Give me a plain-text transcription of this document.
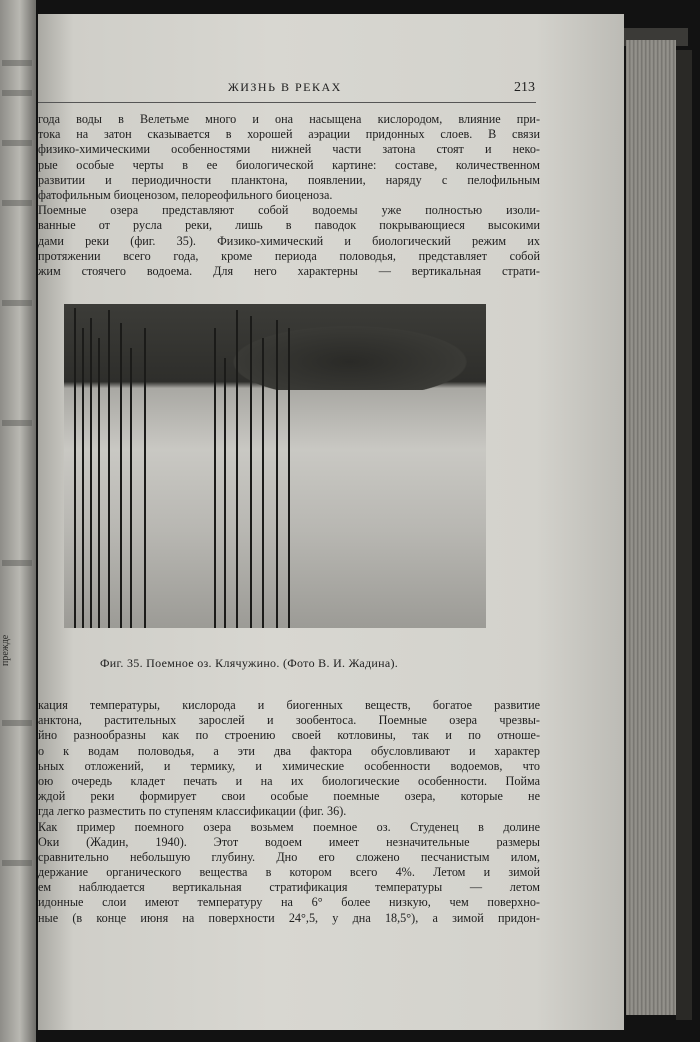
ЖИЗНЬ В РЕКАХ	213
года воды в Велетьме много и она насыщена кислородом, влияние при-
тока на затон сказывается в хорошей аэрации придонных слоев. В связи
физико-химическими особенностями нижней части затона стоят и неко-
рые особые черты в ее биологической картине: составе, количественном
развитии и периодичности планктона, появлении, наряду с пелофильным
фатофильным биоценозом, пелореофильного биоценоза.
Поемные озера представляют собой водоемы уже полностью изоли-
ванные от русла реки, лишь в паводок покрывающиеся высокими
дами реки (фиг. 35). Физико-химический и биологический режим их
протяжении всего года, кроме периода половодья, представляет собой
жим стоячего водоема. Для него характерны — вертикальная страти-
Фиг. 35. Поемное оз. Клячужино. (Фото В. И. Жадина).
кация температуры, кислорода и биогенных веществ, богатое развитие
анктона, растительных зарослей и зообентоса. Поемные озера чрезвы-
йно разнообразны как по строению своей котловины, так и по отноше-
о к водам половодья, а эти два фактора обусловливают и характер
ьных отложений, и термику, и химические особенности водоемов, что
ою очередь кладет печать и на их биологические особенности. Пойма
ждой реки формирует свои особые поемные озера, которые не
гда легко разместить по ступеням классификации (фиг. 36).
Как пример поемного озера возьмем поемное оз. Студенец в долине
Оки (Жадин, 1940). Этот водоем имеет незначительные размеры
сравнительно небольшую глубину. Дно его сложено песчанистым илом,
держание органического вещества в котором всего 4%. Летом и зимой
ем наблюдается вертикальная стратификация температуры — летом
идонные слои имеют температуру на 6° более низкую, чем поверхно-
ные (в конце июня на поверхности 24°,5, у дна 18,5°), а зимой придон-
прежде
